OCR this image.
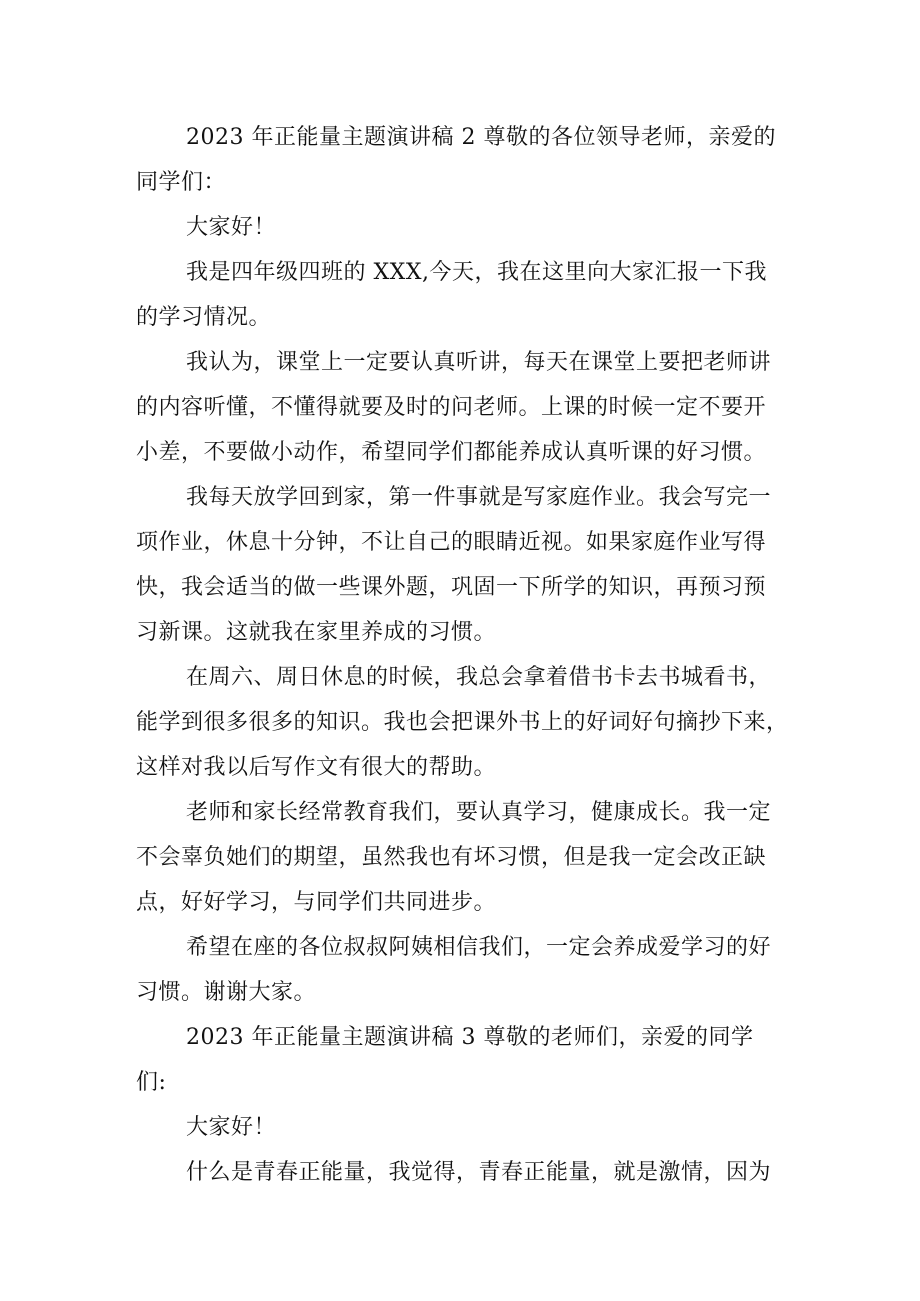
2023 年正能量主题演讲稿 2 尊敬的各位领导老师，亲爱的
同学们：
大家好！
我是四年级四班的 XXX,今天，我在这里向大家汇报一下我
的学习情况。
我认为，课堂上一定要认真听讲，每天在课堂上要把老师讲
的内容听懂，不懂得就要及时的问老师。上课的时候一定不要开
小差，不要做小动作，希望同学们都能养成认真听课的好习惯。
我每天放学回到家，第一件事就是写家庭作业。我会写完一
项作业，休息十分钟，不让自己的眼睛近视。如果家庭作业写得
快，我会适当的做一些课外题，巩固一下所学的知识，再预习预
习新课。这就我在家里养成的习惯。
在周六、周日休息的时候，我总会拿着借书卡去书城看书，
能学到很多很多的知识。我也会把课外书上的好词好句摘抄下来，
这样对我以后写作文有很大的帮助。
老师和家长经常教育我们，要认真学习，健康成长。我一定
不会辜负她们的期望，虽然我也有坏习惯，但是我一定会改正缺
点，好好学习，与同学们共同进步。
希望在座的各位叔叔阿姨相信我们，一定会养成爱学习的好
习惯。谢谢大家。
2023 年正能量主题演讲稿 3 尊敬的老师们，亲爱的同学
们:
大家好！
什么是青春正能量，我觉得，青春正能量，就是激情，因为
